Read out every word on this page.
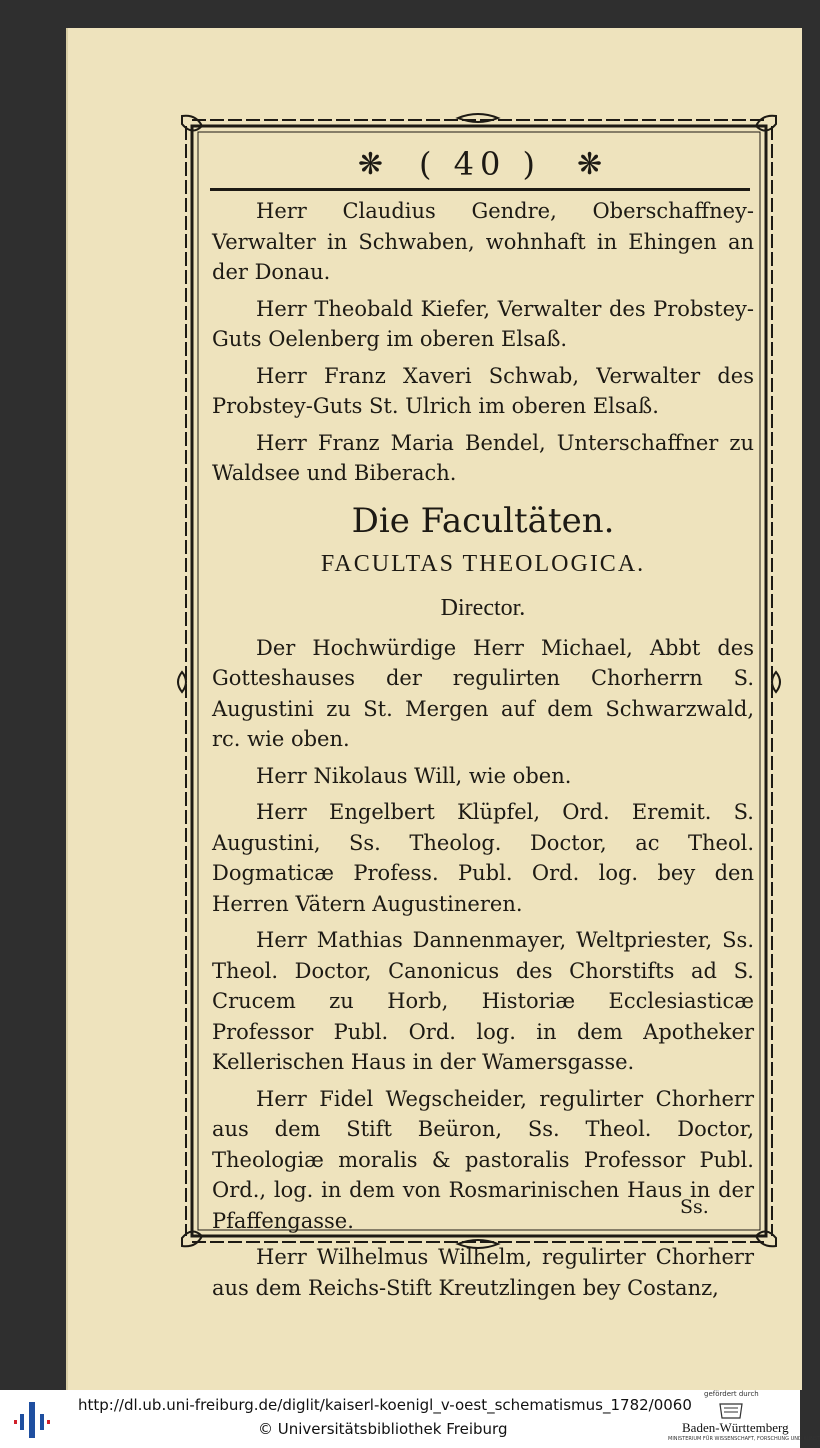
❋ ( 40 ) ❋

Herr Claudius Gendre, Oberschaffney-Verwalter in Schwaben, wohnhaft in Ehingen an der Donau.

Herr Theobald Kiefer, Verwalter des Probstey-Guts Oelenberg im oberen Elsaß.

Herr Franz Xaveri Schwab, Verwalter des Probstey-Guts St. Ulrich im oberen Elsaß.

Herr Franz Maria Bendel, Unterschaffner zu Waldsee und Biberach.

Die Facultäten.
FACULTAS THEOLOGICA.
Director.

Der Hochwürdige Herr Michael, Abbt des Gotteshauses der regulirten Chorherrn S. Augustini zu St. Mergen auf dem Schwarzwald, rc. wie oben.

Herr Nikolaus Will, wie oben.

Herr Engelbert Klüpfel, Ord. Eremit. S. Augustini, Ss. Theolog. Doctor, ac Theol. Dogmaticæ Profess. Publ. Ord. log. bey den Herren Vätern Augustineren.

Herr Mathias Dannenmayer, Weltpriester, Ss. Theol. Doctor, Canonicus des Chorstifts ad S. Crucem zu Horb, Historiæ Ecclesiasticæ Professor Publ. Ord. log. in dem Apotheker Kellerischen Haus in der Wamersgasse.

Herr Fidel Wegscheider, regulirter Chorherr aus dem Stift Beüron, Ss. Theol. Doctor, Theologiæ moralis & pastoralis Professor Publ. Ord., log. in dem von Rosmarinischen Haus in der Pfaffengasse.

Herr Wilhelmus Wilhelm, regulirter Chorherr aus dem Reichs-Stift Kreutzlingen bey Costanz,

Ss.
http://dl.ub.uni-freiburg.de/diglit/kaiserl-koenigl_v-oest_schematismus_1782/0060
© Universitätsbibliothek Freiburg
gefördert durch
Baden-Württemberg
MINISTERIUM FÜR WISSENSCHAFT, FORSCHUNG UND KUNST
